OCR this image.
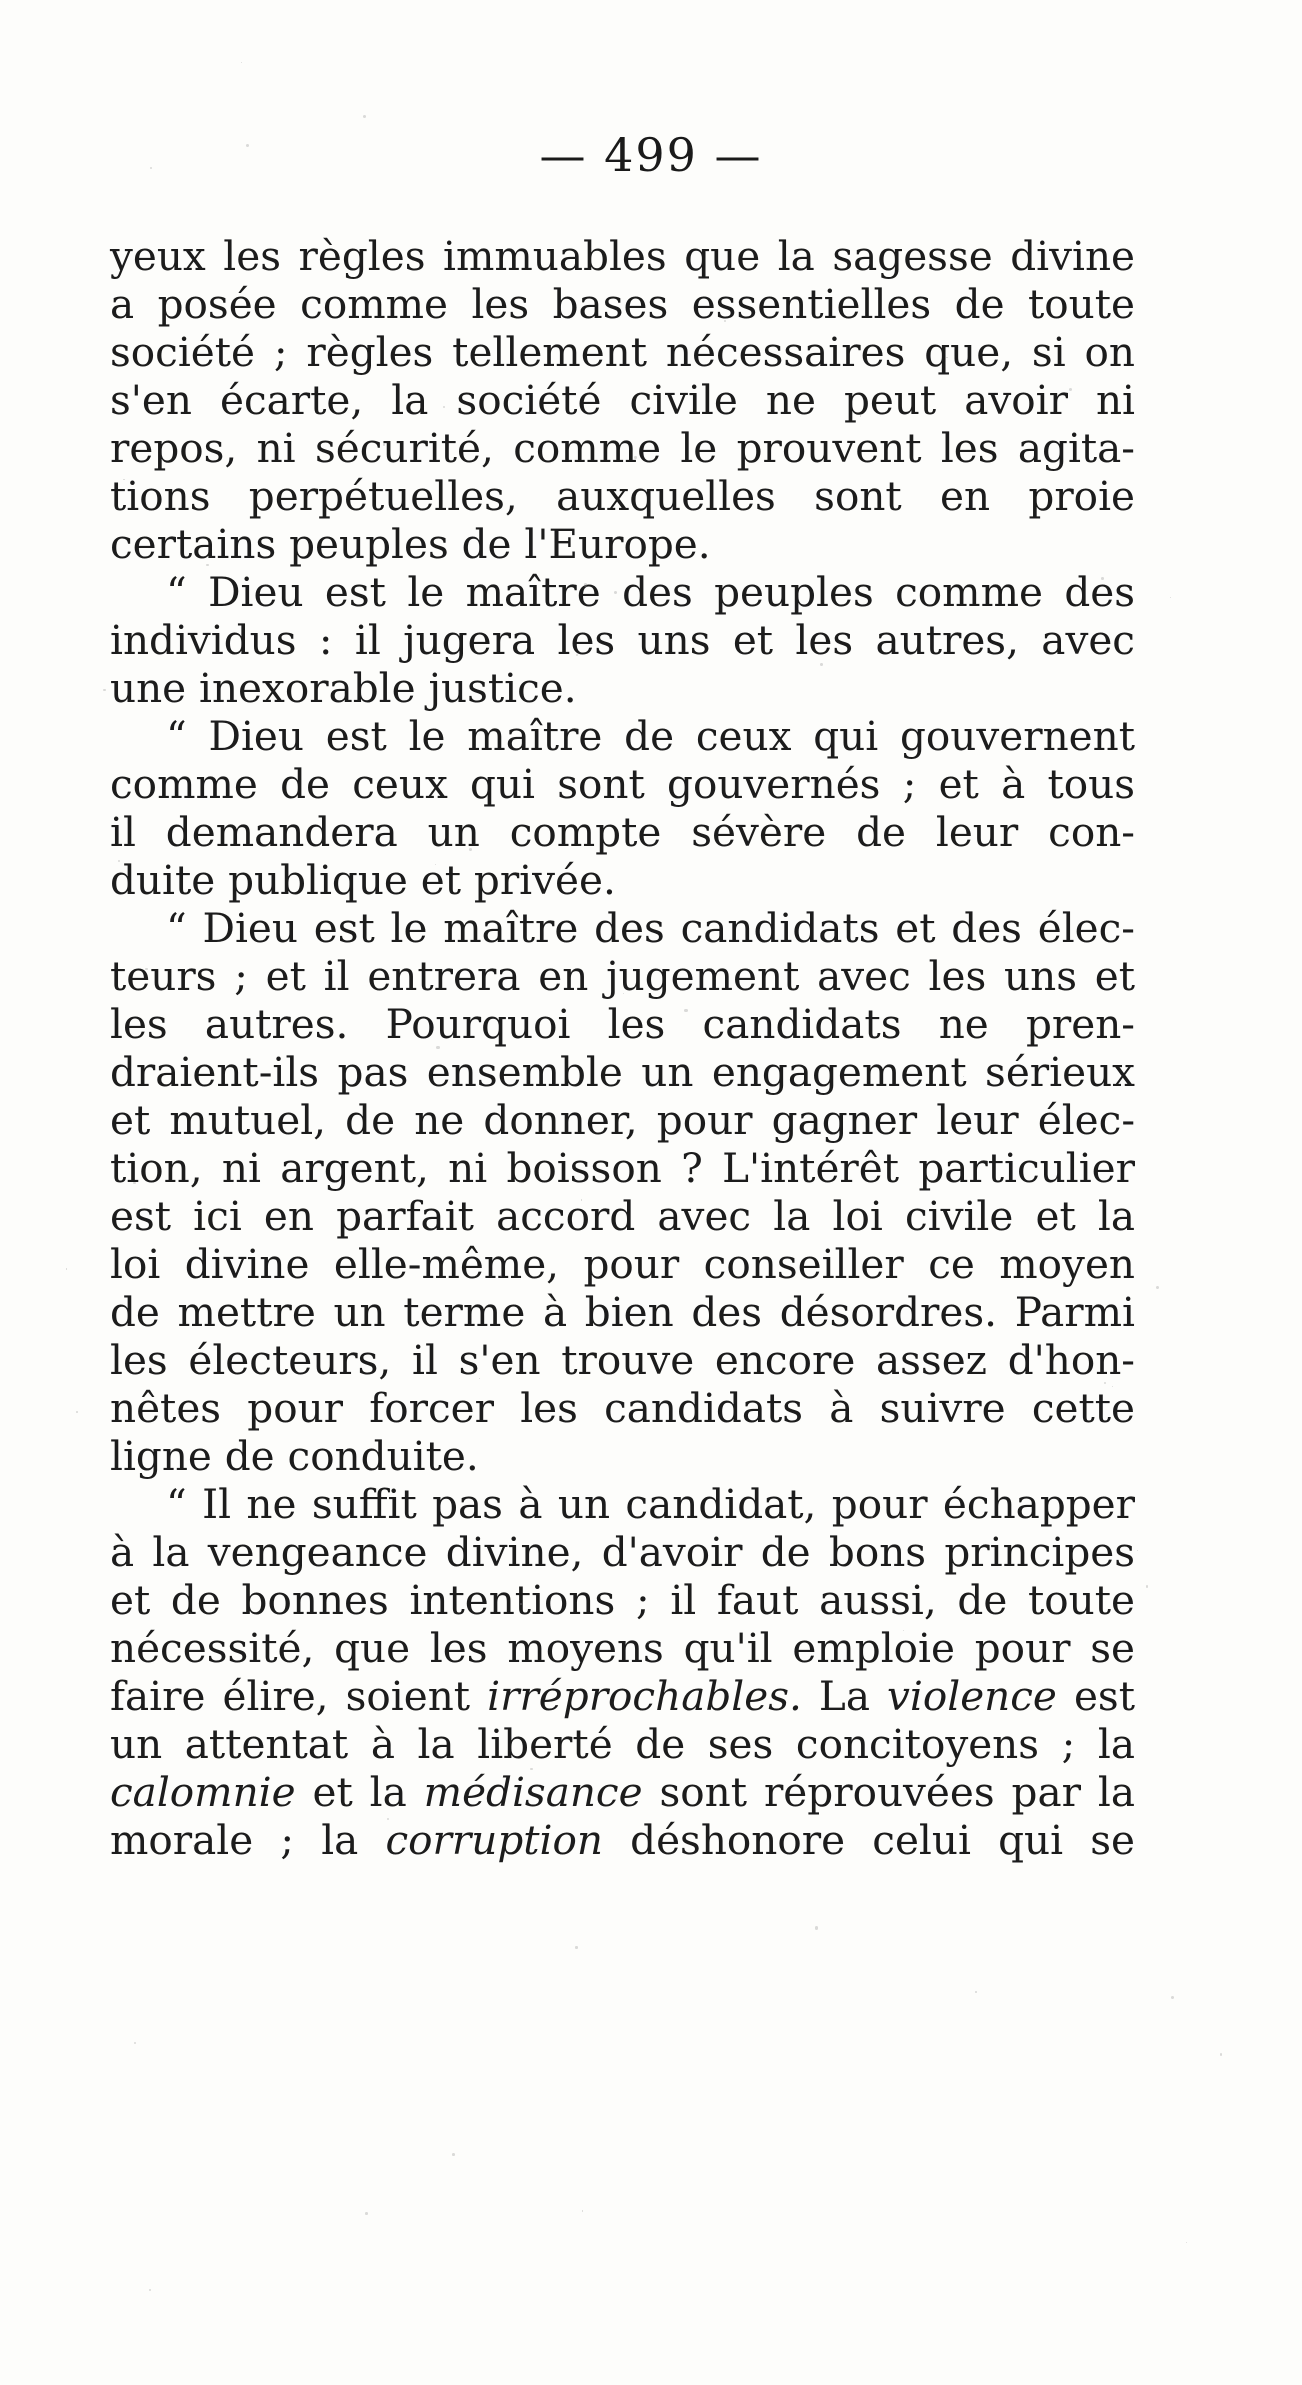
— 499 —
yeux les règles immuables que la sagesse divine
a posée comme les bases essentielles de toute
société ; règles tellement nécessaires que, si on
s'en écarte, la société civile ne peut avoir ni
repos, ni sécurité, comme le prouvent les agita-
tions perpétuelles, auxquelles sont en proie
certains peuples de l'Europe.
“ Dieu est le maître des peuples comme des
individus : il jugera les uns et les autres, avec
une inexorable justice.
“ Dieu est le maître de ceux qui gouvernent
comme de ceux qui sont gouvernés ; et à tous
il demandera un compte sévère de leur con-
duite publique et privée.
“ Dieu est le maître des candidats et des élec-
teurs ; et il entrera en jugement avec les uns et
les autres. Pourquoi les candidats ne pren-
draient-ils pas ensemble un engagement sérieux
et mutuel, de ne donner, pour gagner leur élec-
tion, ni argent, ni boisson ? L'intérêt particulier
est ici en parfait accord avec la loi civile et la
loi divine elle-même, pour conseiller ce moyen
de mettre un terme à bien des désordres. Parmi
les électeurs, il s'en trouve encore assez d'hon-
nêtes pour forcer les candidats à suivre cette
ligne de conduite.
“ Il ne suffit pas à un candidat, pour échapper
à la vengeance divine, d'avoir de bons principes
et de bonnes intentions ; il faut aussi, de toute
nécessité, que les moyens qu'il emploie pour se
faire élire, soient irréprochables. La violence est
un attentat à la liberté de ses concitoyens ; la
calomnie et la médisance sont réprouvées par la
morale ; la corruption déshonore celui qui se
